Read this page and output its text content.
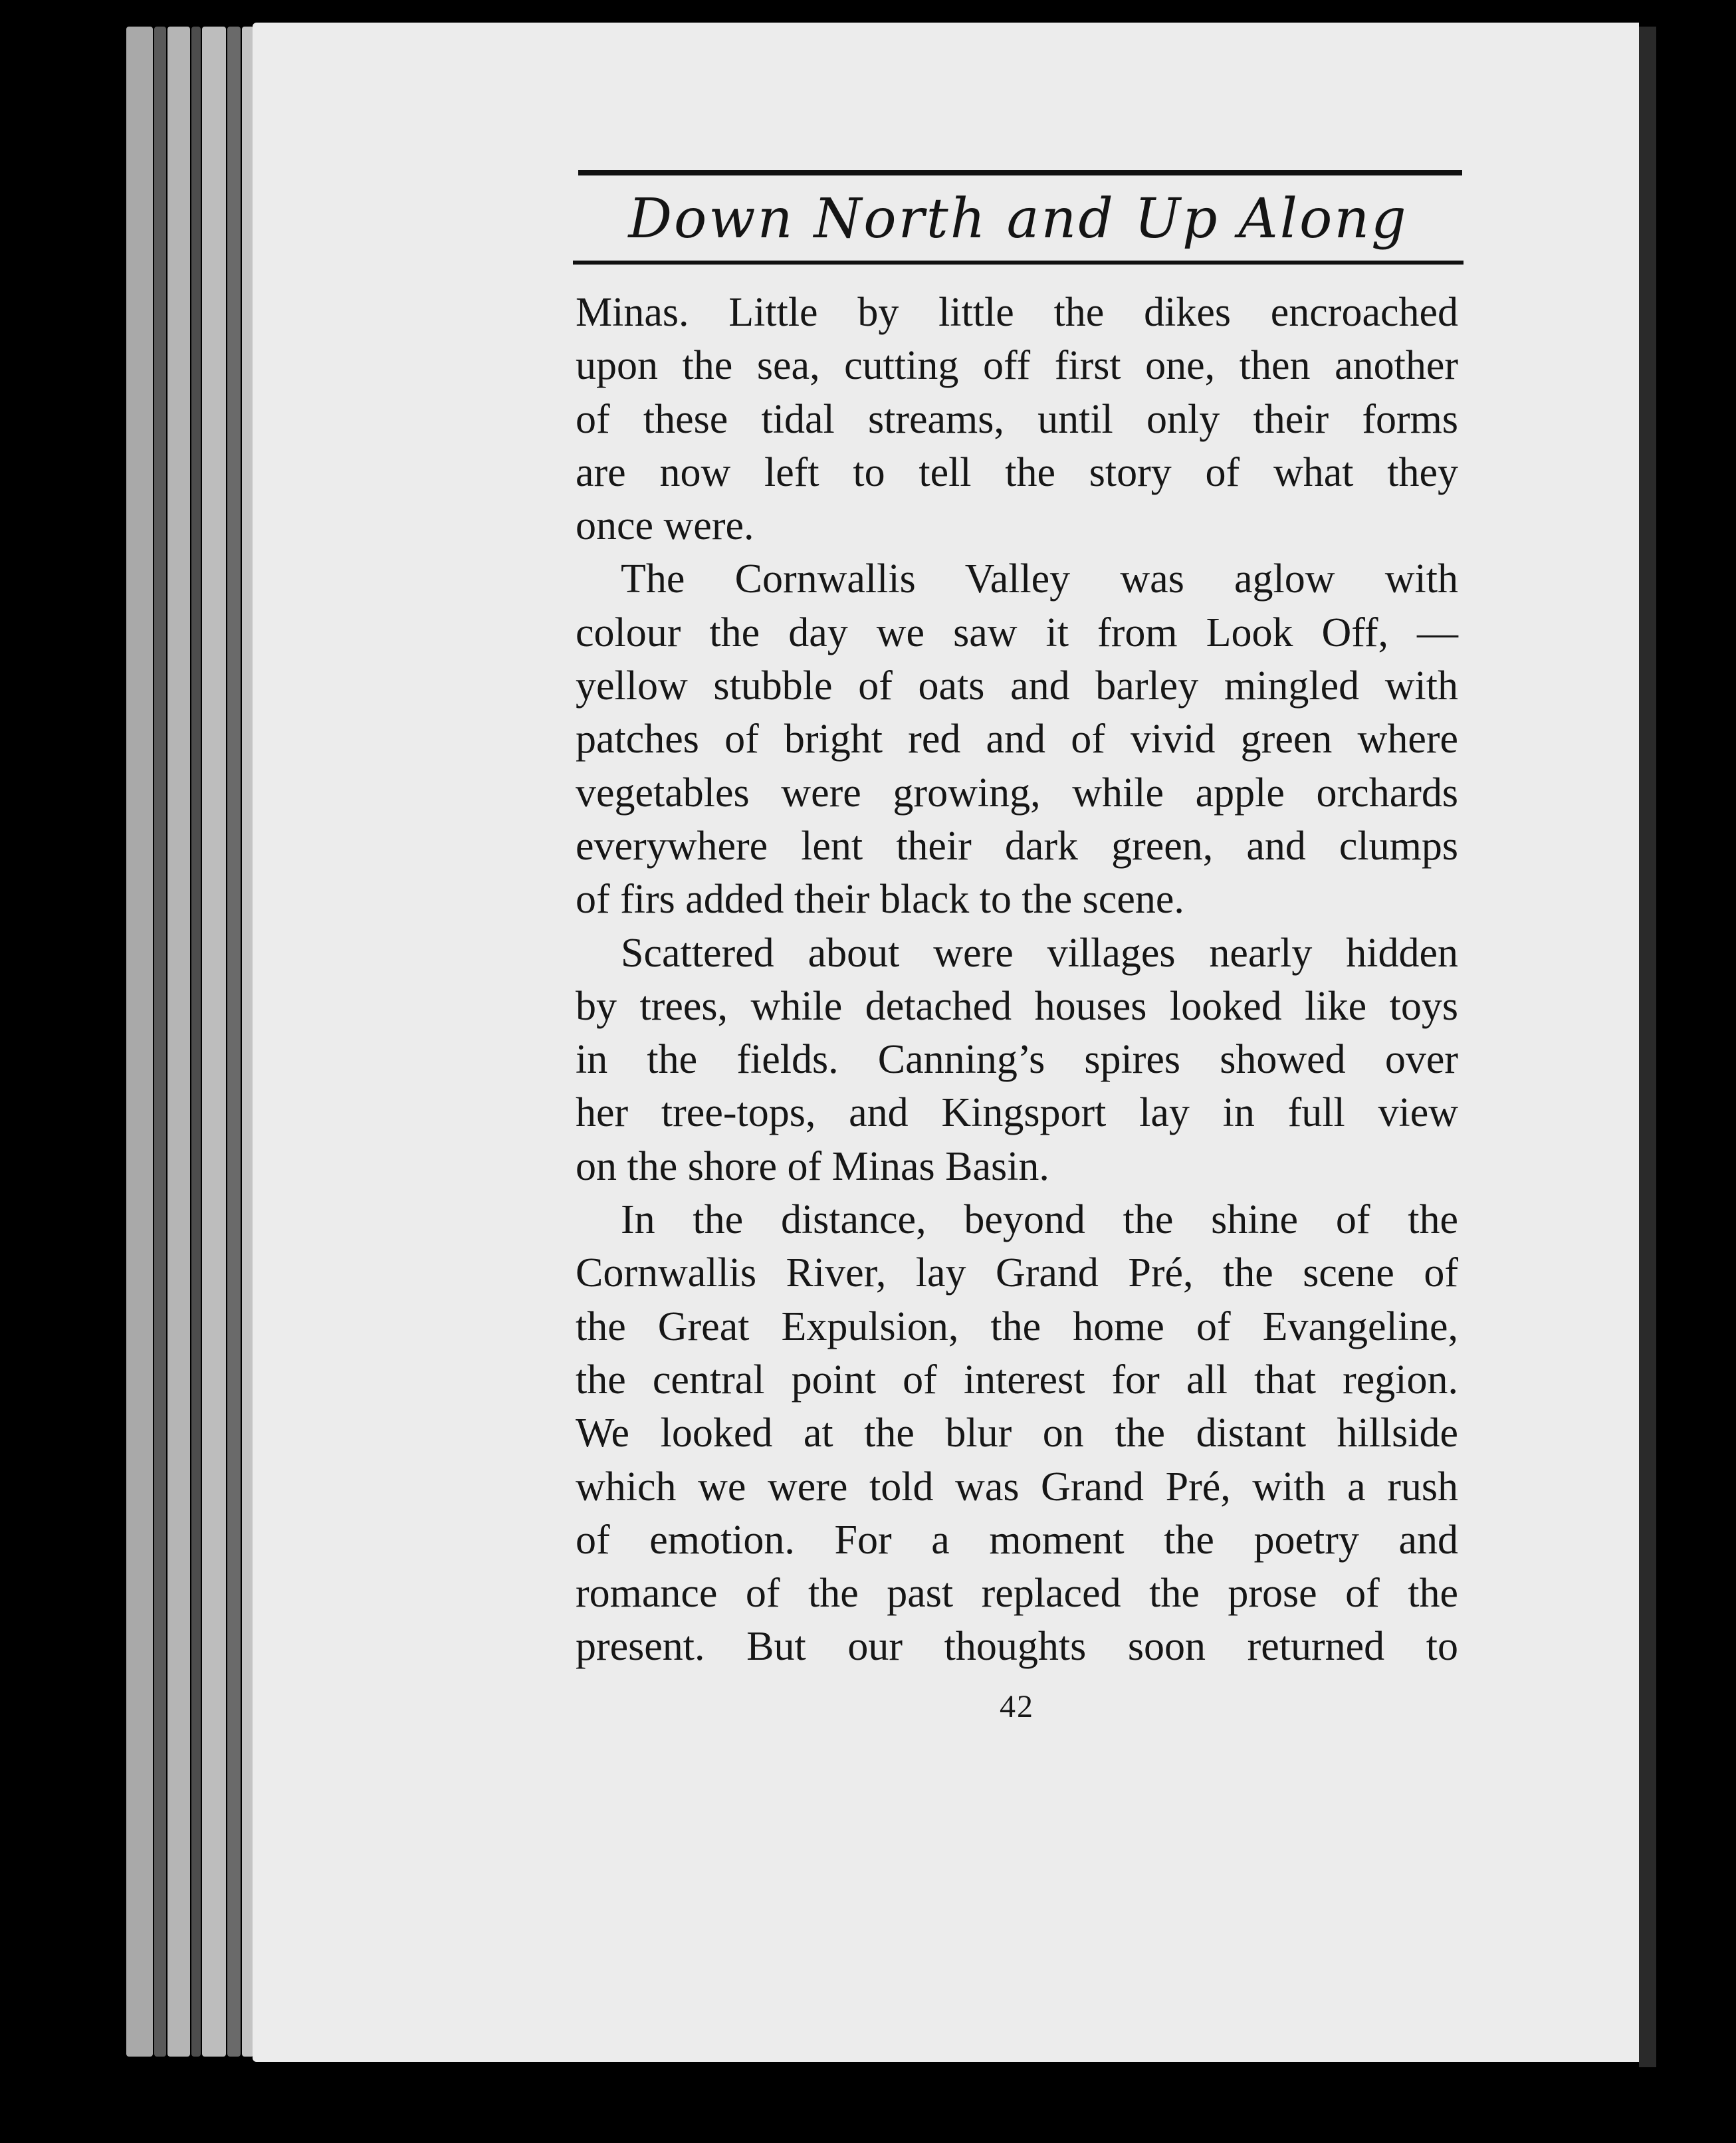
Down North and Up Along

Minas. Little by little the dikes encroached
upon the sea, cutting off first one, then another
of these tidal streams, until only their forms
are now left to tell the story of what they
once were.

The Cornwallis Valley was aglow with
colour the day we saw it from Look Off, —
yellow stubble of oats and barley mingled with
patches of bright red and of vivid green where
vegetables were growing, while apple orchards
everywhere lent their dark green, and clumps
of firs added their black to the scene.

Scattered about were villages nearly hidden
by trees, while detached houses looked like toys
in the fields. Canning’s spires showed over
her tree-tops, and Kingsport lay in full view
on the shore of Minas Basin.

In the distance, beyond the shine of the
Cornwallis River, lay Grand Pré, the scene of
the Great Expulsion, the home of Evangeline,
the central point of interest for all that region.
We looked at the blur on the distant hillside
which we were told was Grand Pré, with a rush
of emotion. For a moment the poetry and
romance of the past replaced the prose of the
present. But our thoughts soon returned to

42
